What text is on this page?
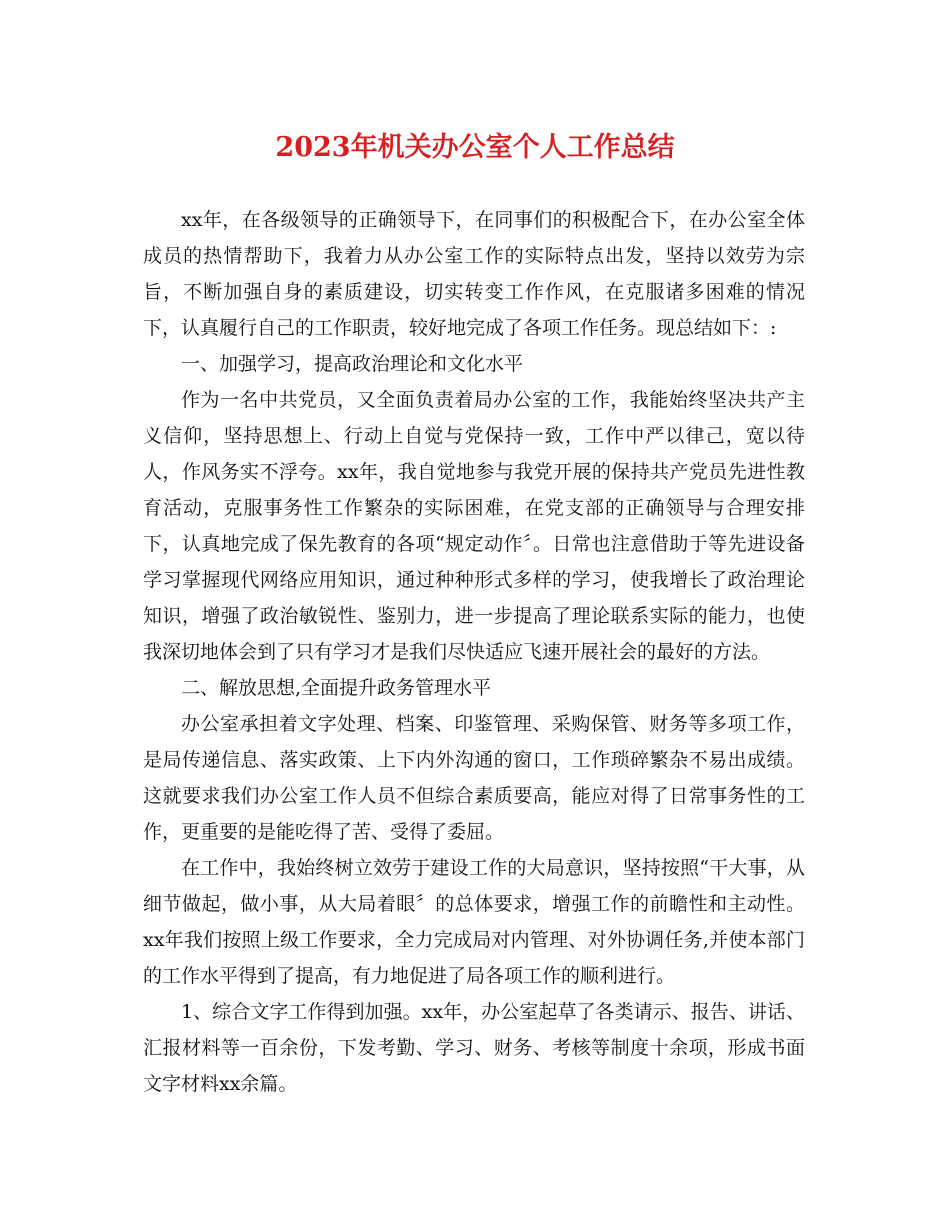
2023年机关办公室个人工作总结

xx年，在各级领导的正确领导下，在同事们的积极配合下，在办公室全体成员的热情帮助下，我着力从办公室工作的实际特点出发，坚持以效劳为宗旨，不断加强自身的素质建设，切实转变工作作风，在克服诸多困难的情况下，认真履行自己的工作职责，较好地完成了各项工作任务。现总结如下：:

一、加强学习，提高政治理论和文化水平

作为一名中共党员，又全面负责着局办公室的工作，我能始终坚决共产主义信仰，坚持思想上、行动上自觉与党保持一致，工作中严以律己，宽以待人，作风务实不浮夸。xx年，我自觉地参与我党开展的保持共产党员先进性教育活动，克服事务性工作繁杂的实际困难，在党支部的正确领导与合理安排下，认真地完成了保先教育的各项“规定动作〞。日常也注意借助于等先进设备学习掌握现代网络应用知识，通过种种形式多样的学习，使我增长了政治理论知识，增强了政治敏锐性、鉴别力，进一步提高了理论联系实际的能力，也使我深切地体会到了只有学习才是我们尽快适应飞速开展社会的最好的方法。

二、解放思想,全面提升政务管理水平

办公室承担着文字处理、档案、印鉴管理、采购保管、财务等多项工作，是局传递信息、落实政策、上下内外沟通的窗口，工作琐碎繁杂不易出成绩。这就要求我们办公室工作人员不但综合素质要高，能应对得了日常事务性的工作，更重要的是能吃得了苦、受得了委屈。

在工作中，我始终树立效劳于建设工作的大局意识，坚持按照“干大事，从细节做起，做小事，从大局着眼〞的总体要求，增强工作的前瞻性和主动性。xx年我们按照上级工作要求，全力完成局对内管理、对外协调任务,并使本部门的工作水平得到了提高，有力地促进了局各项工作的顺利进行。

1、综合文字工作得到加强。xx年，办公室起草了各类请示、报告、讲话、汇报材料等一百余份，下发考勤、学习、财务、考核等制度十余项，形成书面文字材料xx余篇。
